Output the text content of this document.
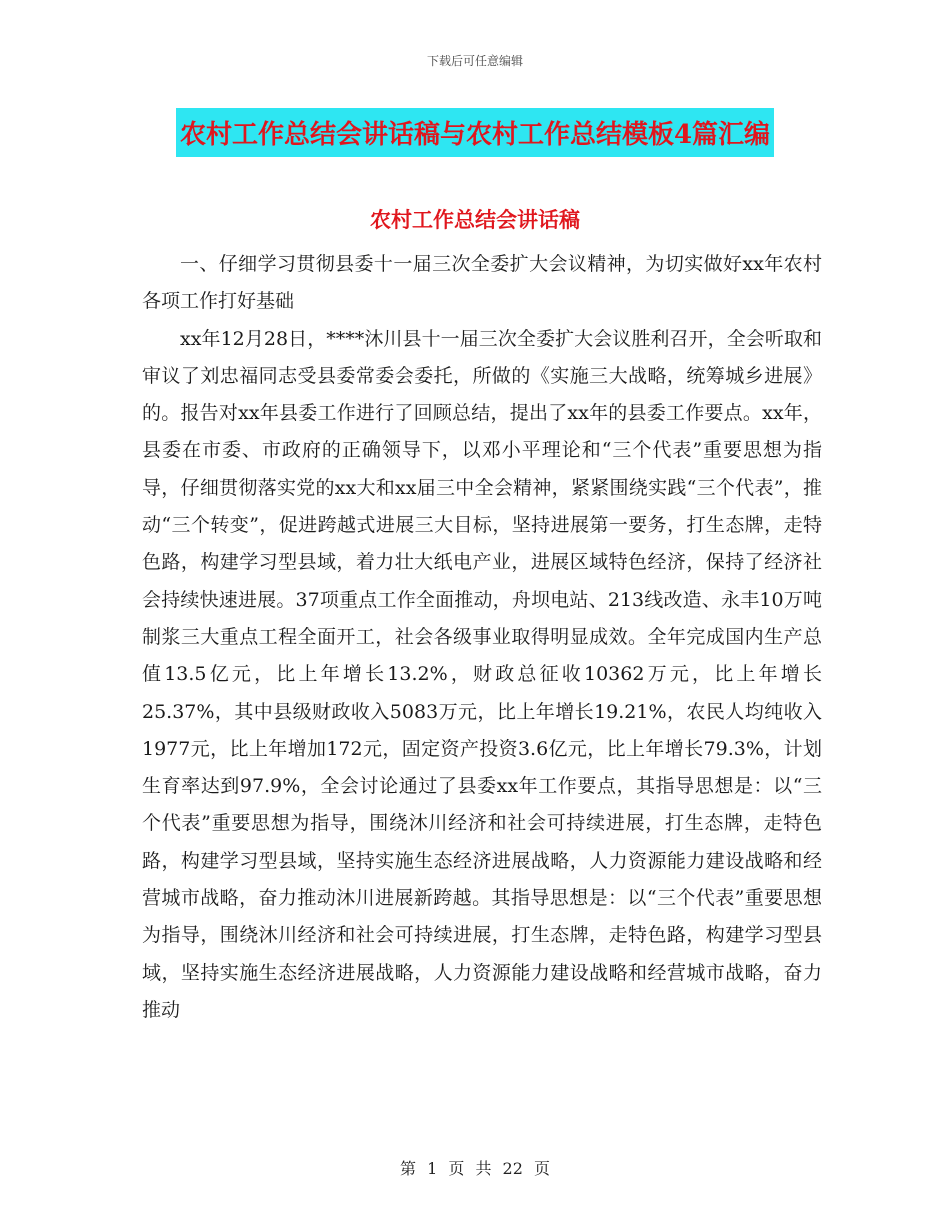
下载后可任意编辑
农村工作总结会讲话稿与农村工作总结模板4篇汇编
农村工作总结会讲话稿

一、仔细学习贯彻县委十一届三次全委扩大会议精神，为切实做好xx年农村各项工作打好基础

xx年12月28日，****沐川县十一届三次全委扩大会议胜利召开，全会听取和审议了刘忠福同志受县委常委会委托，所做的《实施三大战略，统筹城乡进展》的。报告对xx年县委工作进行了回顾总结，提出了xx年的县委工作要点。xx年，县委在市委、市政府的正确领导下，以邓小平理论和“三个代表”重要思想为指导，仔细贯彻落实党的xx大和xx届三中全会精神，紧紧围绕实践“三个代表”，推动“三个转变”，促进跨越式进展三大目标，坚持进展第一要务，打生态牌，走特色路，构建学习型县域，着力壮大纸电产业，进展区域特色经济，保持了经济社会持续快速进展。37项重点工作全面推动，舟坝电站、213线改造、永丰10万吨制浆三大重点工程全面开工，社会各级事业取得明显成效。全年完成国内生产总值13.5亿元，比上年增长13.2%，财政总征收10362万元，比上年增长25.37%，其中县级财政收入5083万元，比上年增长19.21%，农民人均纯收入1977元，比上年增加172元，固定资产投资3.6亿元，比上年增长79.3%，计划生育率达到97.9%，全会讨论通过了县委xx年工作要点，其指导思想是：以“三个代表”重要思想为指导，围绕沐川经济和社会可持续进展，打生态牌，走特色路，构建学习型县域，坚持实施生态经济进展战略，人力资源能力建设战略和经营城市战略，奋力推动沐川进展新跨越。其指导思想是：以“三个代表”重要思想为指导，围绕沐川经济和社会可持续进展，打生态牌，走特色路，构建学习型县域，坚持实施生态经济进展战略，人力资源能力建设战略和经营城市战略，奋力推动

第 1 页 共 22 页
